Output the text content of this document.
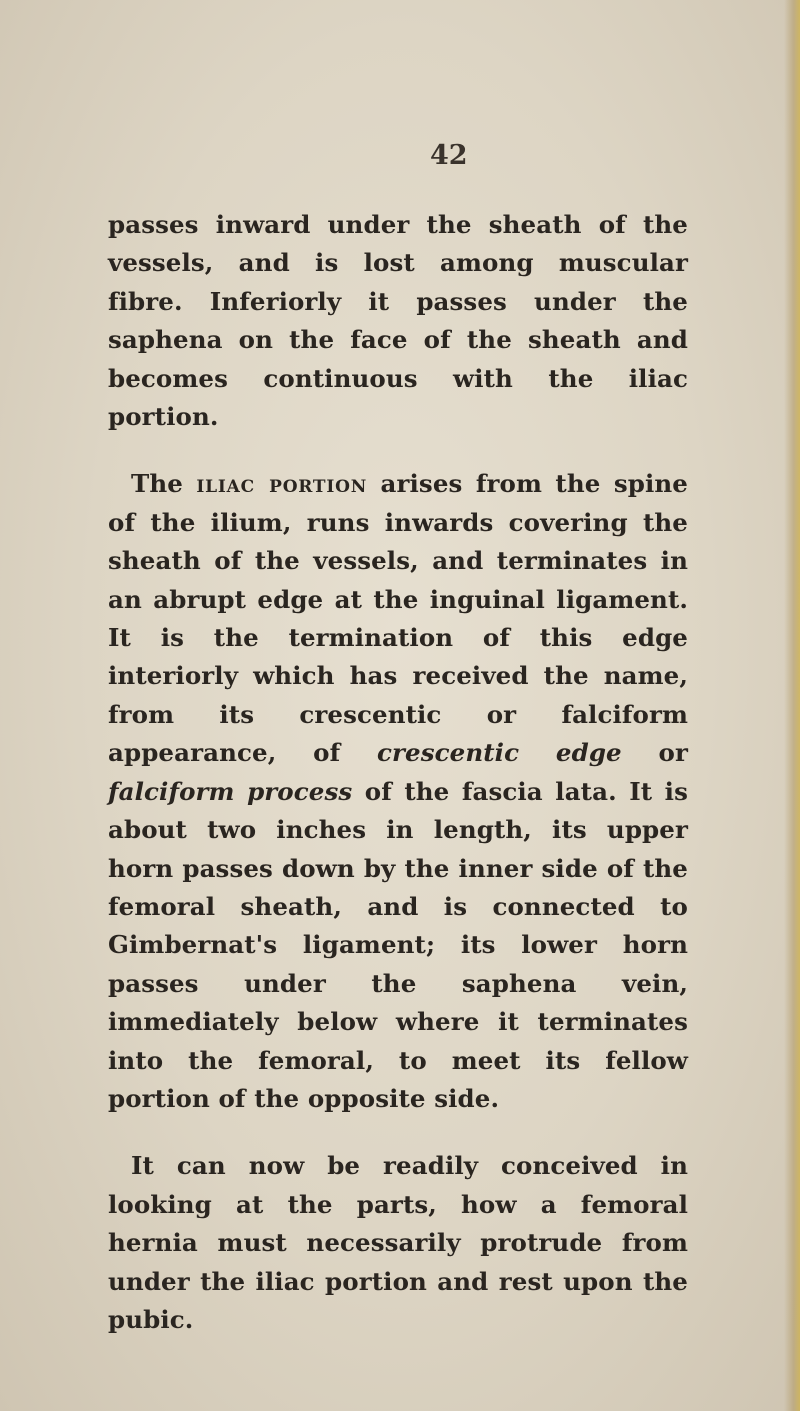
42

passes inward under the sheath of the vessels, and is lost among muscular fibre. Inferiorly it passes under the saphena on the face of the sheath and becomes continuous with the iliac portion.

The iliac portion arises from the spine of the ilium, runs inwards covering the sheath of the vessels, and terminates in an abrupt edge at the inguinal ligament. It is the termination of this edge interiorly which has received the name, from its crescentic or falciform appearance, of crescentic edge or falciform process of the fascia lata. It is about two inches in length, its upper horn passes down by the inner side of the femoral sheath, and is connected to Gimbernat's ligament; its lower horn passes under the saphena vein, immediately below where it terminates into the femoral, to meet its fellow portion of the opposite side.

It can now be readily conceived in looking at the parts, how a femoral hernia must necessarily protrude from under the iliac portion and rest upon the pubic.
